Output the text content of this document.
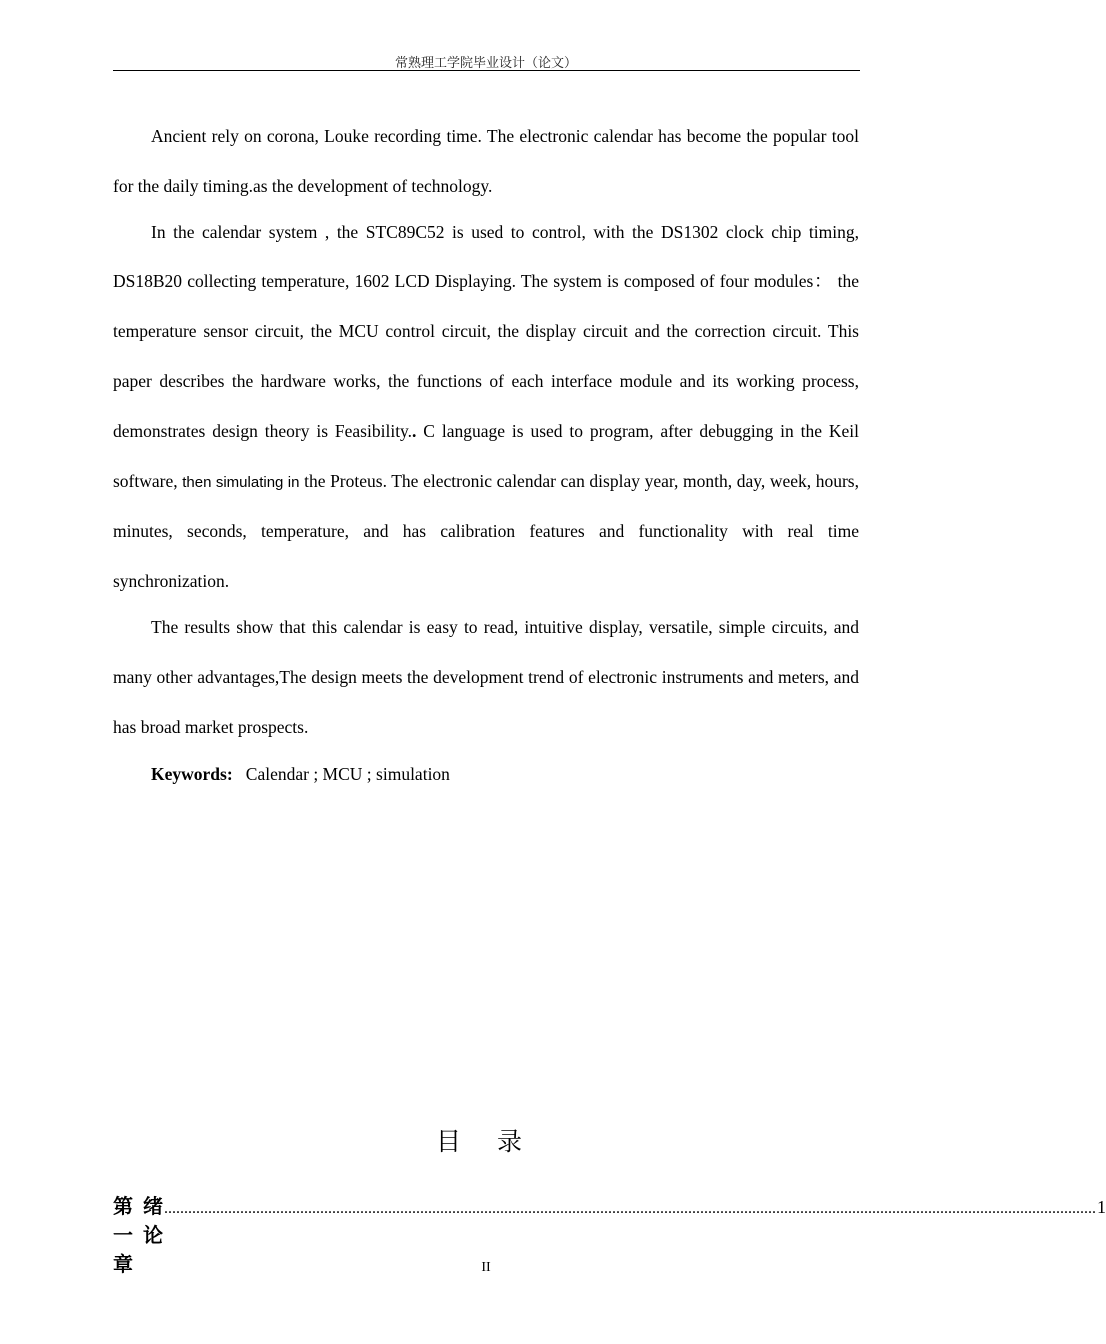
常熟理工学院毕业设计（论文）

Ancient rely on corona, Louke recording time. The electronic calendar has become the popular tool for the daily timing.as the development of technology.

In the calendar system , the STC89C52 is used to control, with the DS1302 clock chip timing, DS18B20 collecting temperature, 1602 LCD Displaying. The system is composed of four modules： the temperature sensor circuit, the MCU control circuit, the display circuit and the correction circuit. This paper describes the hardware works, the functions of each interface module and its working process, demonstrates design theory is Feasibility.. C language is used to program, after debugging in the Keil software, then simulating in the Proteus. The electronic calendar can display year, month, day, week, hours, minutes, seconds, temperature, and has calibration features and functionality with real time synchronization.

The results show that this calendar is easy to read, intuitive display, versatile, simple circuits, and many other advantages,The design meets the development trend of electronic instruments and meters, and has broad market prospects.

Keywords: Calendar ; MCU ; simulation

目 录
第一章
绪论
......................................................................................................................................................................................................................................... 1
II
